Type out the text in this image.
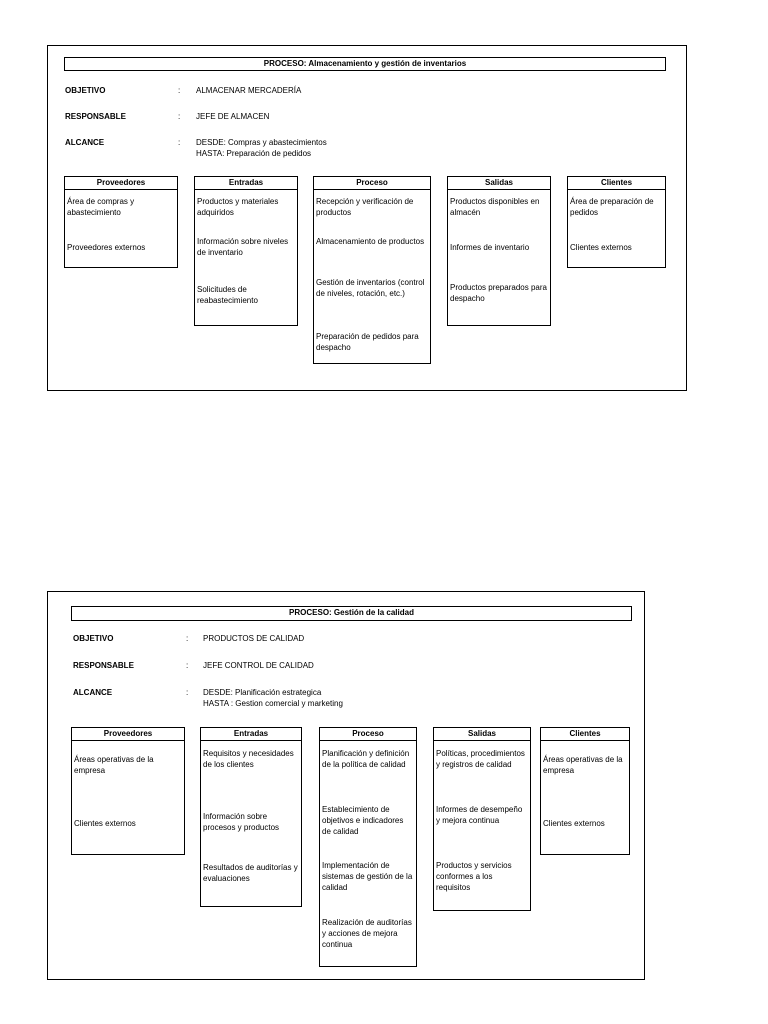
PROCESO: Almacenamiento y gestión de inventarios
OBJETIVO	: ALMACENAR MERCADERÍA
RESPONSABLE	: JEFE DE ALMACEN
ALCANCE	: DESDE: Compras y abastecimientos
HASTA: Preparación de pedidos
Proveedores
Área de compras y abastecimiento
Proveedores externos
Entradas
Productos y materiales adquiridos
Información sobre niveles de inventario
Solicitudes de reabastecimiento
Proceso
Recepción y verificación de productos
Almacenamiento de productos
Gestión de inventarios (control de niveles, rotación, etc.)
Preparación de pedidos para despacho
Salidas
Productos disponibles en almacén
Informes de inventario
Productos preparados para despacho
Clientes
Área de preparación de pedidos
Clientes externos
PROCESO: Gestión de la calidad
OBJETIVO	: PRODUCTOS DE CALIDAD
RESPONSABLE	: JEFE CONTROL DE CALIDAD
ALCANCE	: DESDE: Planificación estrategica
HASTA : Gestion comercial y marketing
Proveedores
Áreas operativas de la empresa
Clientes externos
Entradas
Requisitos y necesidades de los clientes
Información sobre procesos y productos
Resultados de auditorías y evaluaciones
Proceso
Planificación y definición de la política de calidad
Establecimiento de objetivos e indicadores de calidad
Implementación de sistemas de gestión de la calidad
Realización de auditorías y acciones de mejora continua
Salidas
Políticas, procedimientos y registros de calidad
Informes de desempeño y mejora continua
Productos y servicios conformes a los requisitos
Clientes
Áreas operativas de la empresa
Clientes externos
